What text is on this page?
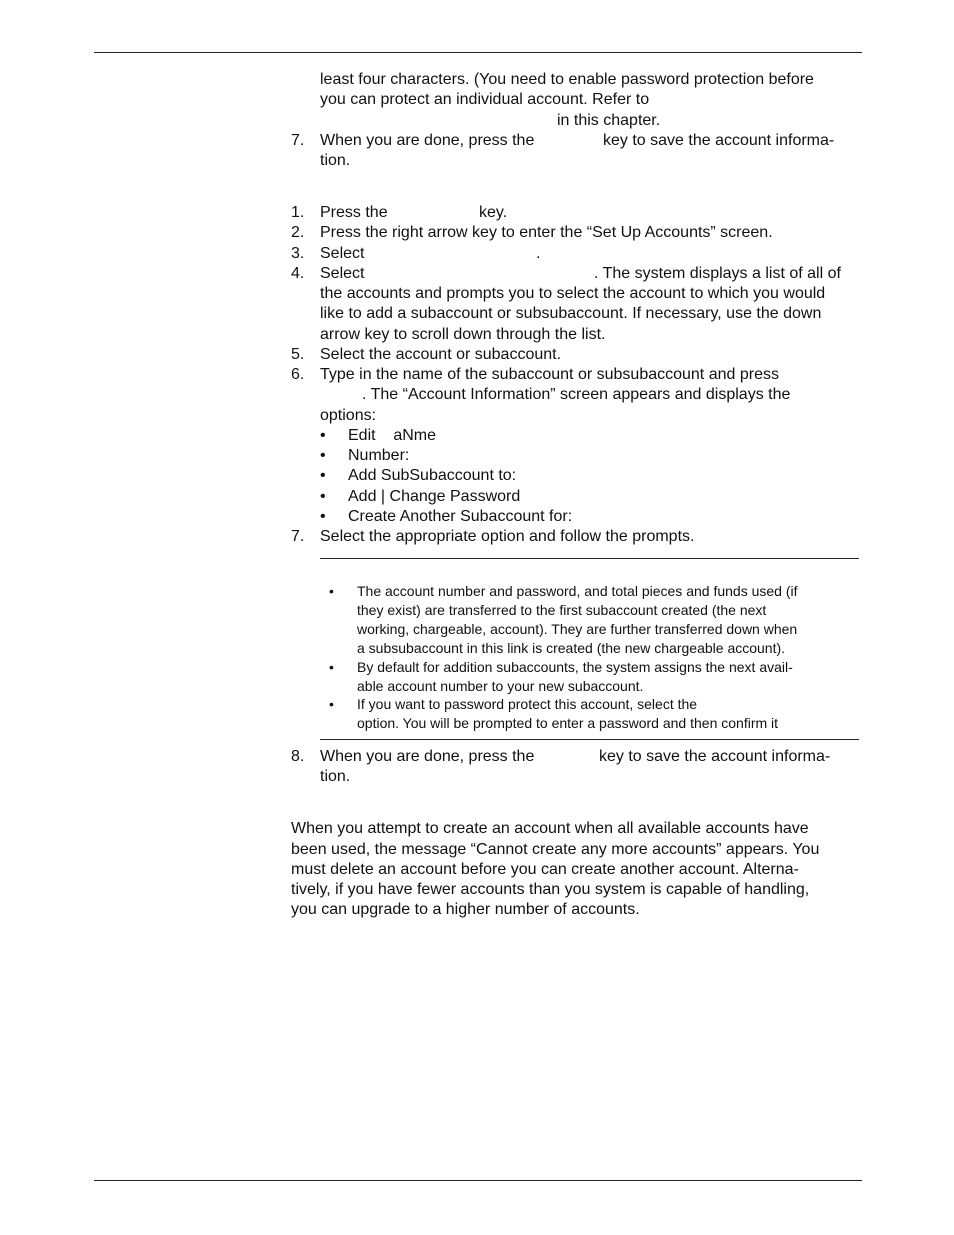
least four characters. (You need to enable password protection before
you can protect an individual account. Refer to
in this chapter.
7. When you are done, press the	key to save the account informa-
tion.
1. Press the	key.
2. Press the right arrow key to enter the “Set Up Accounts” screen.
3. Select	.
4. Select	. The system displays a list of all of
the accounts and prompts you to select the account to which you would
like to add a subaccount or subsubaccount. If necessary, use the down
arrow key to scroll down through the list.
5. Select the account or subaccount.
6. Type in the name of the subaccount or subsubaccount and press
. The “Account Information” screen appears and displays the
options:
• Edit    aNme
• Number:
• Add SubSubaccount to:
• Add | Change Password
• Create Another Subaccount for:
7. Select the appropriate option and follow the prompts.
• The account number and password, and total pieces and funds used (if
they exist) are transferred to the first subaccount created (the next
working, chargeable, account). They are further transferred down when
a subsubaccount in this link is created (the new chargeable account).
• By default for addition subaccounts, the system assigns the next avail-
able account number to your new subaccount.
• If you want to password protect this account, select the
option. You will be prompted to enter a password and then confirm it
8. When you are done, press the	key to save the account informa-
tion.
When you attempt to create an account when all available accounts have
been used, the message “Cannot create any more accounts” appears. You
must delete an account before you can create another account. Alterna-
tively, if you have fewer accounts than you system is capable of handling,
you can upgrade to a higher number of accounts.
